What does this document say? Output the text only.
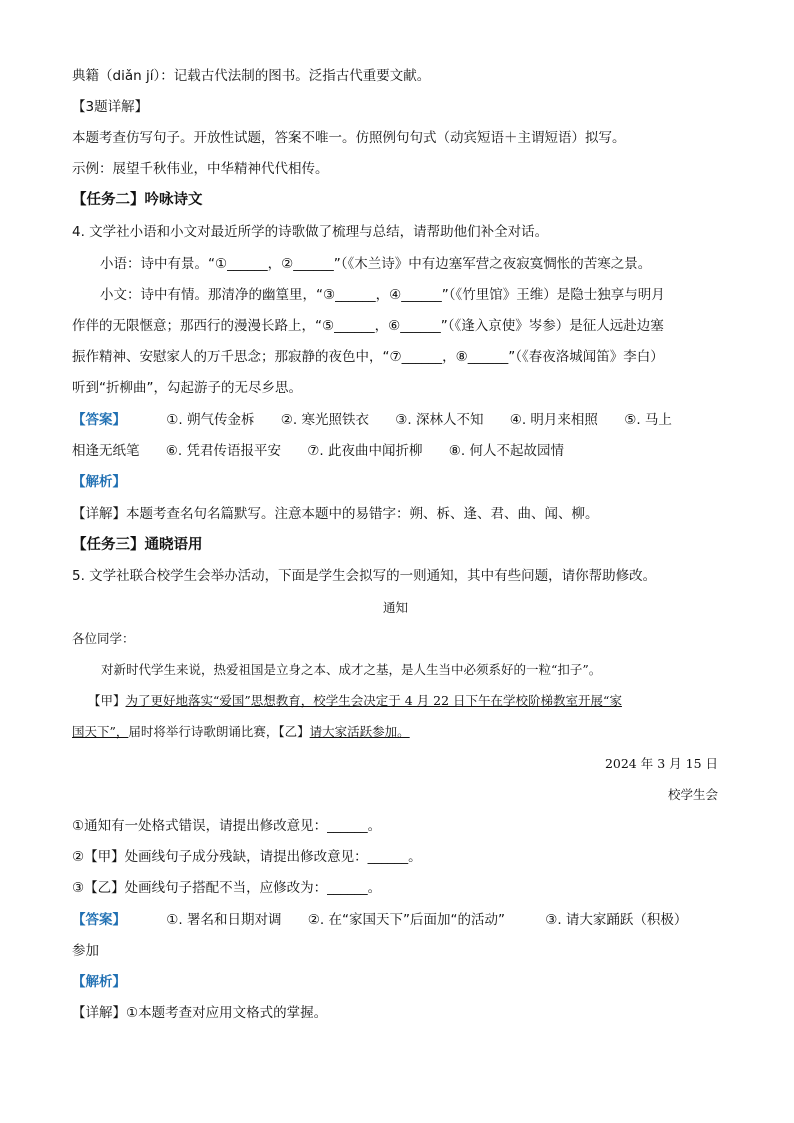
典籍（diǎn jí）：记载古代法制的图书。泛指古代重要文献。
【3题详解】
本题考查仿写句子。开放性试题，答案不唯一。仿照例句句式（动宾短语＋主谓短语）拟写。
示例：展望千秋伟业，中华精神代代相传。
【任务二】吟咏诗文
4. 文学社小语和小文对最近所学的诗歌做了梳理与总结，请帮助他们补全对话。
小语：诗中有景。“①______，②______”（《木兰诗》中有边塞军营之夜寂寞惆怅的苦寒之景。
小文：诗中有情。那清净的幽篁里，“③______，④______”（《竹里馆》王维）是隐士独享与明月
作伴的无限惬意；那西行的漫漫长路上，“⑤______，⑥______”（《逢入京使》岑参）是征人远赴边塞
振作精神、安慰家人的万千思念；那寂静的夜色中，“⑦______，⑧______”（《春夜洛城闻笛》李白）
听到“折柳曲”，勾起游子的无尽乡思。
【答案】	①. 朔气传金柝 ②. 寒光照铁衣 ③. 深林人不知 ④. 明月来相照 ⑤. 马上
相逢无纸笔 ⑥. 凭君传语报平安 ⑦. 此夜曲中闻折柳 ⑧. 何人不起故园情
【解析】
【详解】本题考查名句名篇默写。注意本题中的易错字：朔、柝、逢、君、曲、闻、柳。
【任务三】通晓语用
5. 文学社联合校学生会举办活动，下面是学生会拟写的一则通知，其中有些问题，请你帮助修改。
通知
各位同学：
对新时代学生来说，热爱祖国是立身之本、成才之基，是人生当中必须系好的一粒“扣子”。
【甲】为了更好地落实“爱国”思想教育，校学生会决定于 4 月 22 日下午在学校阶梯教室开展“家
国天下”，届时将举行诗歌朗诵比赛，【乙】请大家活跃参加。
2024 年 3 月 15 日
校学生会
①通知有一处格式错误，请提出修改意见：______。
②【甲】处画线句子成分残缺，请提出修改意见：______。
③【乙】处画线句子搭配不当，应修改为：______。
【答案】	①. 署名和日期对调 ②. 在“家国天下”后面加“的活动”	③. 请大家踊跃（积极）
参加
【解析】
【详解】①本题考查对应用文格式的掌握。
